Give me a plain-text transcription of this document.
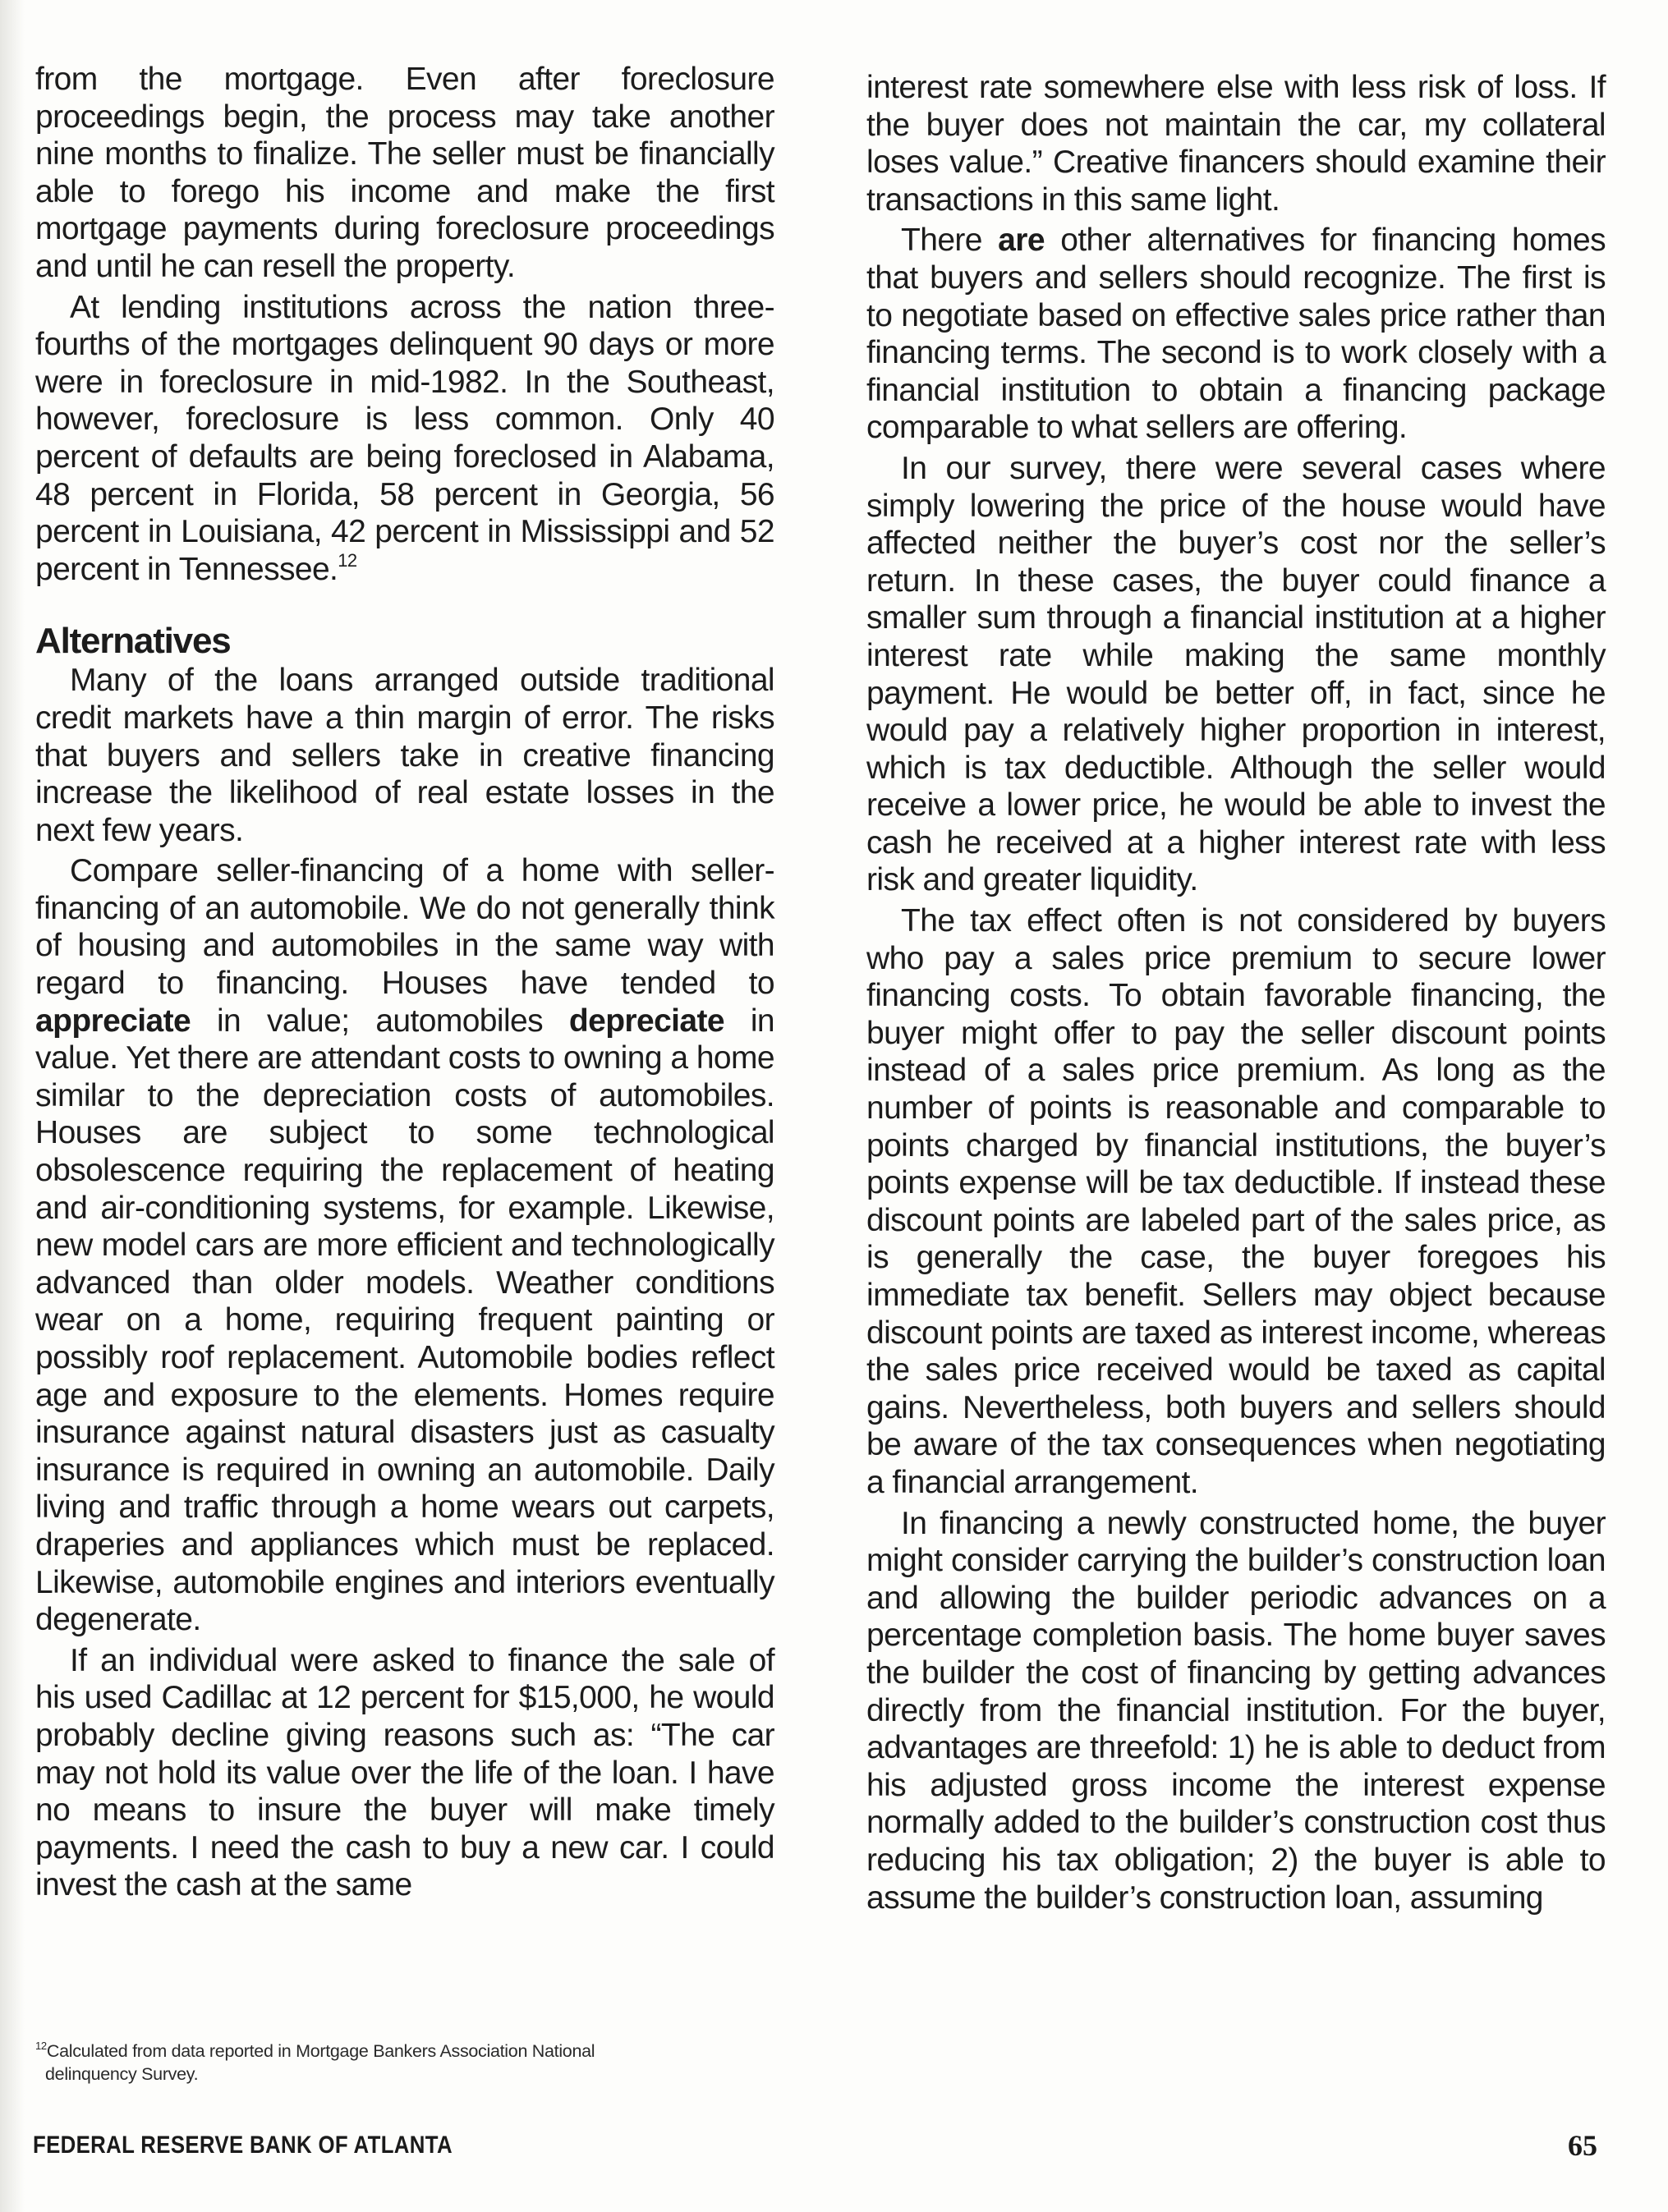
from the mortgage. Even after foreclosure proceedings begin, the process may take another nine months to finalize. The seller must be financially able to forego his income and make the first mortgage payments during foreclosure proceedings and until he can resell the property.

At lending institutions across the nation three-fourths of the mortgages delinquent 90 days or more were in foreclosure in mid-1982. In the Southeast, however, foreclosure is less common. Only 40 percent of defaults are being foreclosed in Alabama, 48 percent in Florida, 58 percent in Georgia, 56 percent in Louisiana, 42 percent in Mississippi and 52 percent in Tennessee.$^{12}$

Alternatives

Many of the loans arranged outside traditional credit markets have a thin margin of error. The risks that buyers and sellers take in creative financing increase the likelihood of real estate losses in the next few years.

Compare seller-financing of a home with seller-financing of an automobile. We do not generally think of housing and automobiles in the same way with regard to financing. Houses have tended to appreciate in value; automobiles depreciate in value. Yet there are attendant costs to owning a home similar to the depreciation costs of automobiles. Houses are subject to some technological obsolescence requiring the replacement of heating and air-conditioning systems, for example. Likewise, new model cars are more efficient and technologically advanced than older models. Weather conditions wear on a home, requiring frequent painting or possibly roof replacement. Automobile bodies reflect age and exposure to the elements. Homes require insurance against natural disasters just as casualty insurance is required in owning an automobile. Daily living and traffic through a home wears out carpets, draperies and appliances which must be replaced. Likewise, automobile engines and interiors eventually degenerate.

If an individual were asked to finance the sale of his used Cadillac at 12 percent for $15,000, he would probably decline giving reasons such as: “The car may not hold its value over the life of the loan. I have no means to insure the buyer will make timely payments. I need the cash to buy a new car. I could invest the cash at the same

interest rate somewhere else with less risk of loss. If the buyer does not maintain the car, my collateral loses value.” Creative financers should examine their transactions in this same light.

There are other alternatives for financing homes that buyers and sellers should recognize. The first is to negotiate based on effective sales price rather than financing terms. The second is to work closely with a financial institution to obtain a financing package comparable to what sellers are offering.

In our survey, there were several cases where simply lowering the price of the house would have affected neither the buyer’s cost nor the seller’s return. In these cases, the buyer could finance a smaller sum through a financial institution at a higher interest rate while making the same monthly payment. He would be better off, in fact, since he would pay a relatively higher proportion in interest, which is tax deductible. Although the seller would receive a lower price, he would be able to invest the cash he received at a higher interest rate with less risk and greater liquidity.

The tax effect often is not considered by buyers who pay a sales price premium to secure lower financing costs. To obtain favorable financing, the buyer might offer to pay the seller discount points instead of a sales price premium. As long as the number of points is reasonable and comparable to points charged by financial institutions, the buyer’s points expense will be tax deductible. If instead these discount points are labeled part of the sales price, as is generally the case, the buyer foregoes his immediate tax benefit. Sellers may object because discount points are taxed as interest income, whereas the sales price received would be taxed as capital gains. Nevertheless, both buyers and sellers should be aware of the tax consequences when negotiating a financial arrangement.

In financing a newly constructed home, the buyer might consider carrying the builder’s construction loan and allowing the builder periodic advances on a percentage completion basis. The home buyer saves the builder the cost of financing by getting advances directly from the financial institution. For the buyer, advantages are threefold: 1) he is able to deduct from his adjusted gross income the interest expense normally added to the builder’s construction cost thus reducing his tax obligation; 2) the buyer is able to assume the builder’s construction loan, assuming

$^{12}$Calculated from data reported in Mortgage Bankers Association National
delinquency Survey.
FEDERAL RESERVE BANK OF ATLANTA	65
